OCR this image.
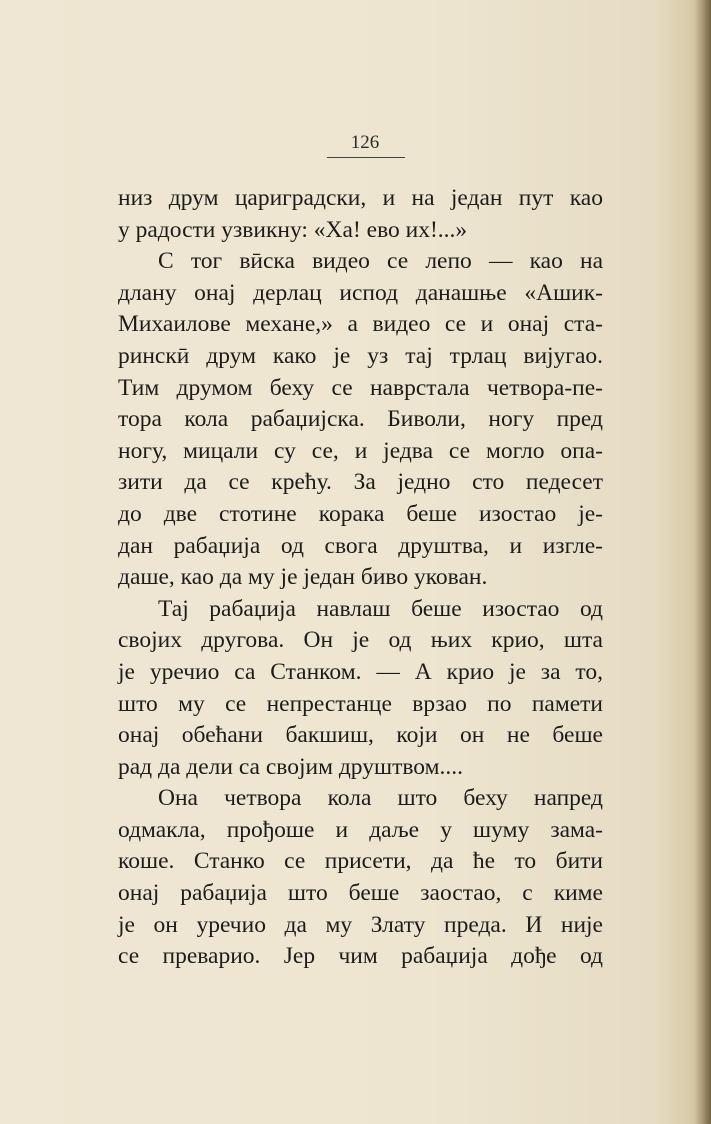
126
низ друм цариградски, и на један пут као
у радости узвикну: «Ха! ево их!...»
С тог вӣска видео се лепо — као на
длану онај дерлац испод данашње «Ашик-
Михаилове механе,» а видео се и онај ста-
ринскӣ друм како је уз тај трлац вијугао.
Тим друмом беху се наврстала четвора-пе-
тора кола рабаџијска. Биволи, ногу пред
ногу, мицали су се, и једва се могло опа-
зити да се крећу. За једно сто педесет
до две стотине корака беше изостао је-
дан рабаџија од свога друштва, и изгле-
даше, као да му је један биво укован.
Тај рабаџија навлаш беше изостао од
својих другова. Он је од њих крио, шта
је уречио са Станком. — А крио је за то,
што му се непрестанце врзао по памети
онај обећани бакшиш, који он не беше
рад да дели са својим друштвом....
Она четвора кола што беху напред
одмакла, прођоше и даље у шуму зама-
коше. Станко се присети, да ће то бити
онај рабаџија што беше заостао, с киме
је он уречио да му Злату преда. И није
се преварио. Јер чим рабаџија дође од
